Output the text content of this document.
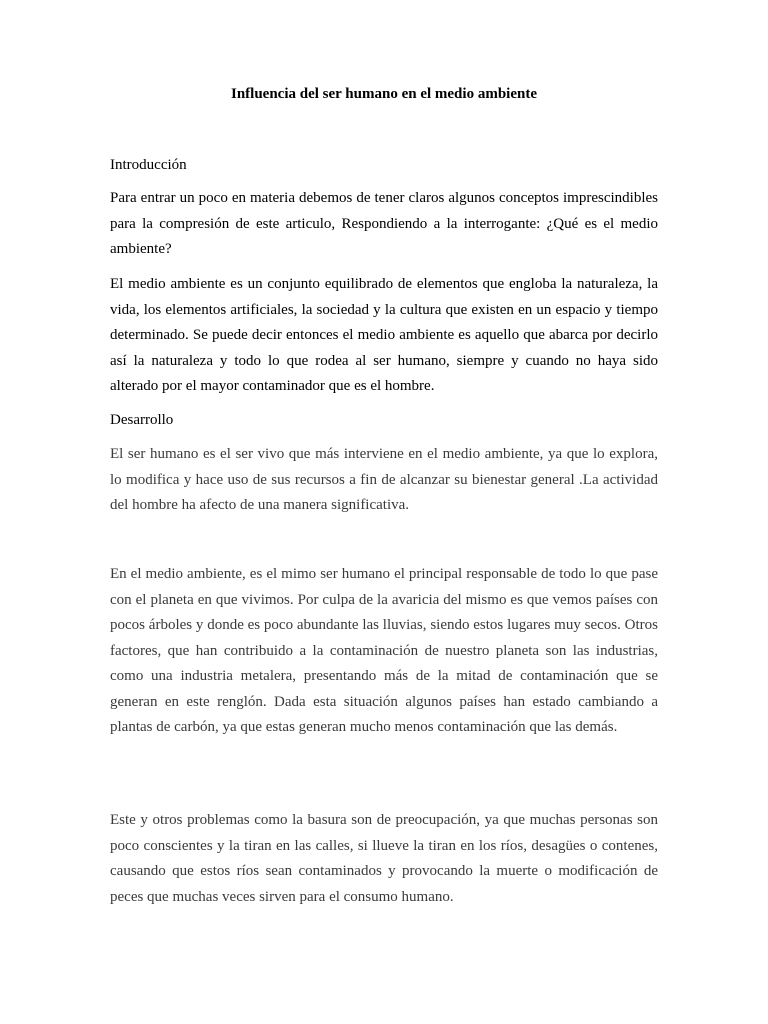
Influencia del ser humano en el medio ambiente

Introducción

Para entrar un poco en materia debemos de tener claros algunos conceptos imprescindibles para la compresión de este articulo, Respondiendo a la interrogante: ¿Qué es el medio ambiente?

El medio ambiente es un conjunto equilibrado de elementos que engloba la naturaleza, la vida, los elementos artificiales, la sociedad y la cultura que existen en un espacio y tiempo determinado. Se puede decir entonces el medio ambiente es aquello que abarca por decirlo así la naturaleza y todo lo que rodea al ser humano, siempre y cuando no haya sido alterado por el mayor contaminador que es el hombre.

Desarrollo

El ser humano es el ser vivo que más interviene en el medio ambiente, ya que lo explora, lo modifica y hace uso de sus recursos a fin de alcanzar su bienestar general .La actividad del hombre ha afecto de una manera significativa.

En el medio ambiente, es el mimo ser humano el principal responsable de todo lo que pase con el planeta en que vivimos. Por culpa de la avaricia del mismo es que vemos países con pocos árboles y donde es poco abundante las lluvias, siendo estos lugares muy secos. Otros factores, que han contribuido a la contaminación de nuestro planeta son las industrias, como una industria metalera, presentando más de la mitad de contaminación que se generan en este renglón. Dada esta situación algunos países han estado cambiando a plantas de carbón, ya que estas generan mucho menos contaminación que las demás.

Este y otros problemas como la basura son de preocupación, ya que muchas personas son poco conscientes y la tiran en las calles, si llueve la tiran en los ríos, desagües o contenes, causando que estos ríos sean contaminados y provocando la muerte o modificación de peces que muchas veces sirven para el consumo humano.
